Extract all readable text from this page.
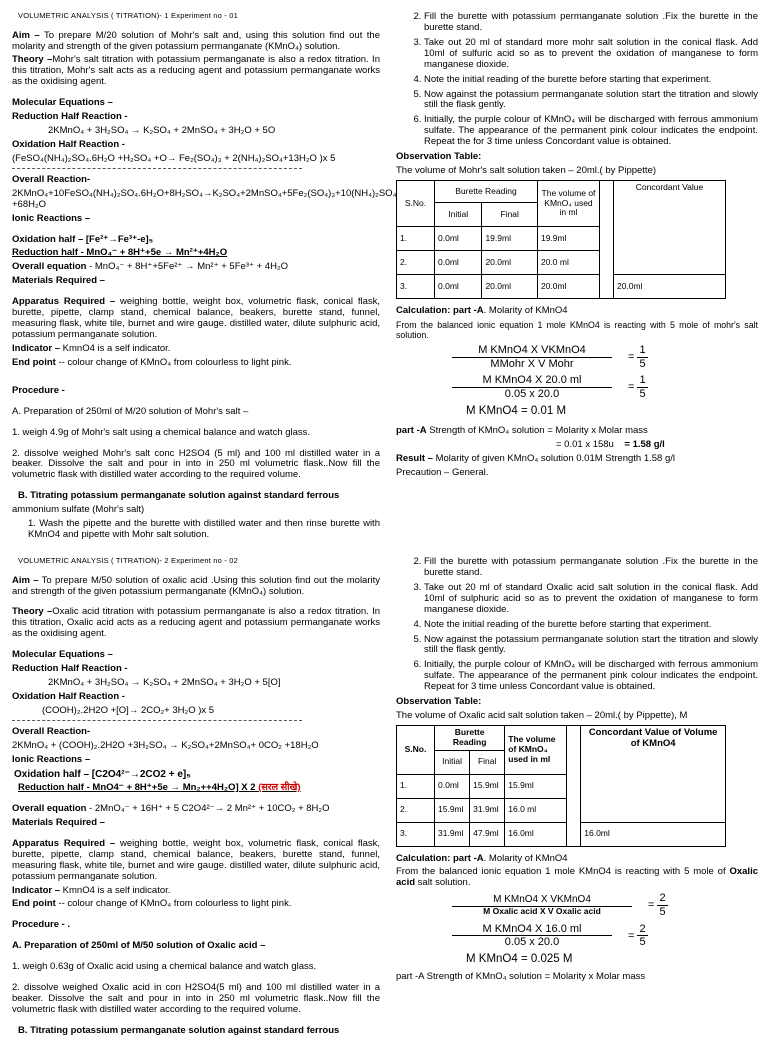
VOLUMETRIC ANALYSIS ( TITRATION)- 1 Experiment no - 01

Aim – To prepare M/20 solution of Mohr's salt and, using this solution find out the molarity and strength of the given potassium permanganate (KMnO₄) solution.

Theory –Mohr's salt titration with potassium permanganate is also a redox titration. In this titration, Mohr's salt acts as a reducing agent and potassium permanganate works as the oxidising agent.

Molecular Equations –

Reduction Half Reaction -

2KMnO₄ + 3H₂SO₄ → K₂SO₄ + 2MnSO₄ + 3H₂O + 5O

Oxidation Half Reaction -

(FeSO₄(NH₄)₂SO₄.6H₂O +H₂SO₄ +O→ Fe₂(SO₄)₃ + 2(NH₄)₂SO₄+13H₂O )x 5

Overall Reaction-

2KMnO₄+10FeSO₄(NH₄)₂SO₄.6H₂O+8H₂SO₄→K₂SO₄+2MnSO₄+5Fe₂(SO₄)₃+10(NH₄)₂SO₄ +68H₂O

Ionic Reactions –

Oxidation half – [Fe²⁺→Fe³⁺-e]₅

Reduction half - MnO₄⁻ + 8H⁺+5e → Mn²⁺+4H₂O

Overall equation - MnO₄⁻ + 8H⁺+5Fe²⁺ → Mn²⁺ + 5Fe³⁺ + 4H₂O

Materials Required –

Apparatus Required – weighing bottle, weight box, volumetric flask, conical flask, burette, pipette, clamp stand, chemical balance, beakers, burette stand, funnel, measuring flask, white tile, burnet and wire gauge. distilled water, dilute sulphuric acid, potassium permanganate solution.

Indicator – KmnO4 is a self indicator.

End point -- colour change of KMnO₄ from colourless to light pink.

Procedure -

A. Preparation of 250ml of M/20 solution of Mohr's salt –

1. weigh 4.9g of Mohr's salt using a chemical balance and watch glass.

2. dissolve weighed Mohr's salt conc H2SO4 (5 ml) and 100 ml distilled water in a beaker. Dissolve the salt and pour in into in 250 ml volumetric flask..Now fill the volumetric flask with distilled water according to the required volume.

B. Titrating potassium permanganate solution against standard ferrous

ammonium sulfate (Mohr's salt)

1. Wash the pipette and the burette with distilled water and then rinse burette with KMnO4 and pipette with Mohr salt solution.

2. Fill the burette with potassium permanganate solution .Fix the burette in the burette stand.
3. Take out 20 ml of standard more mohr salt solution in the conical flask. Add 10ml of sulfuric acid so as to prevent the oxidation of manganese to form manganese dioxide.
4. Note the initial reading of the burette before starting that experiment.
5. Now against the potassium permanganate solution start the titration and slowly still the flask gently.
6. Initially, the purple colour of KMnO₄ will be discharged with ferrous ammonium sulfate. The appearance of the permanent pink colour indicates the endpoint. Repeat the for 3 time unless Concordant value is obtained.

Observation Table:

The volume of Mohr's salt solution taken – 20ml.( by Pippette)

S.No.	Burette Reading		The volume of KMnO₄ used in ml		Concordant Value
	Initial	Final			
1.	0.0ml	19.9ml	19.9ml		
2.	0.0ml	20.0ml	20.0 ml		
3.	0.0ml	20.0ml	20.0ml		20.0ml

Calculation: part -A. Molarity of KMnO4

From the balanced ionic equation 1 mole KMnO4 is reacting with 5 mole of mohr's salt solution.

$\frac{\text{M KMnO4 X VKMnO4}}{\text{MMohr X V Mohr}} = \frac{1}{5}$
$\frac{\text{M KMnO4 X 20.0 ml}}{0.05 x 20.0} = \frac{1}{5}$
M KMnO4 = 0.01 M

part -A Strength of KMnO₄ solution = Molarity x Molar mass

= 0.01 x 158u = 1.58 g/l

Result – Molarity of given KMnO₄ solution 0.01M Strength 1.58 g/l

Precaution – General.

VOLUMETRIC ANALYSIS ( TITRATION)- 2 Experiment no - 02

Aim – To prepare M/50 solution of oxalic acid .Using this solution find out the molarity and strength of the given potassium permanganate (KMnO₄) solution.

Theory –Oxalic acid titration with potassium permanganate is also a redox titration. In this titration, Oxalic acid acts as a reducing agent and potassium permanganate works as the oxidising agent.

Molecular Equations –

Reduction Half Reaction -

2KMnO₄ + 3H₂SO₄ → K₂SO₄ + 2MnSO₄ + 3H₂O + 5[O]

Oxidation Half Reaction -

(COOH)₂.2H2O +[O]→ 2CO₂+ 3H₂O )x 5

Overall Reaction-

2KMnO₄ + (COOH)₂.2H2O +3H₂SO₄ → K₂SO₄+2MnSO₄+ 0CO₂ +18H₂O

Ionic Reactions –

Oxidation half – [C2O4²⁻→2CO2 + e]₅

Reduction half - MnO4⁻ + 8H⁺+5e → Mn₂++4H₂O] X 2 (सरल सीखे)

Overall equation - 2MnO₄⁻ + 16H⁺ + 5 C2O4²⁻→ 2 Mn²⁺ + 10CO₂ + 8H₂O

Materials Required –

Apparatus Required – weighing bottle, weight box, volumetric flask, conical flask, burette, pipette, clamp stand, chemical balance, beakers, burette stand, funnel, measuring flask, white tile, burnet and wire gauge. distilled water, dilute sulphuric acid, potassium permanganate solution.

Indicator – KmnO4 is a self indicator.

End point -- colour change of KMnO₄ from colourless to light pink.

Procedure - .

A. Preparation of 250ml of M/50 solution of Oxalic acid –

1. weigh 0.63g of Oxalic acid using a chemical balance and watch glass.

2. dissolve weighed Oxalic acid in con H2SO4(5 ml) and 100 ml distilled water in a beaker. Dissolve the salt and pour in into in 250 ml volumetric flask..Now fill the volumetric flask with distilled water according to the required volume.

B. Titrating potassium permanganate solution against standard ferrous

2. Fill the burette with potassium permanganate solution .Fix the burette in the burette stand.
3. Take out 20 ml of standard Oxalic acid salt solution in the conical flask. Add 10ml of sulphuric acid so as to prevent the oxidation of manganese to form manganese dioxide.
4. Note the initial reading of the burette before starting that experiment.
5. Now against the potassium permanganate solution start the titration and slowly still the flask gently.
6. Initially, the purple colour of KMnO₄ will be discharged with ferrous ammonium sulfate. The appearance of the permanent pink colour indicates the endpoint. Repeat for 3 time unless Concordant value is obtained.

Observation Table:

The volume of Oxalic acid salt solution taken – 20ml.( by Pippette), M

S.No.	Burette Reading		The volume of KMnO₄ used in ml		Concordant Value of Volume of KMnO4
	Initial	Final			
1.	0.0ml	15.9ml	15.9ml		
2.	15.9ml	31.9ml	16.0 ml		
3.	31.9ml	47.9ml	16.0ml		16.0ml

Calculation: part -A. Molarity of KMnO4

From the balanced ionic equation 1 mole KMnO4 is reacting with 5 mole of Oxalic acid salt solution.

$\frac{\text{M KMnO4 X VKMnO4}}{\text{M Oxalic acid X V Oxalic acid}} = \frac{2}{5}$
$\frac{\text{M KMnO4 X 16.0 ml}}{0.05 x 20.0} = \frac{2}{5}$
M KMnO4 = 0.025 M

part -A Strength of KMnO₄ solution = Molarity x Molar mass
